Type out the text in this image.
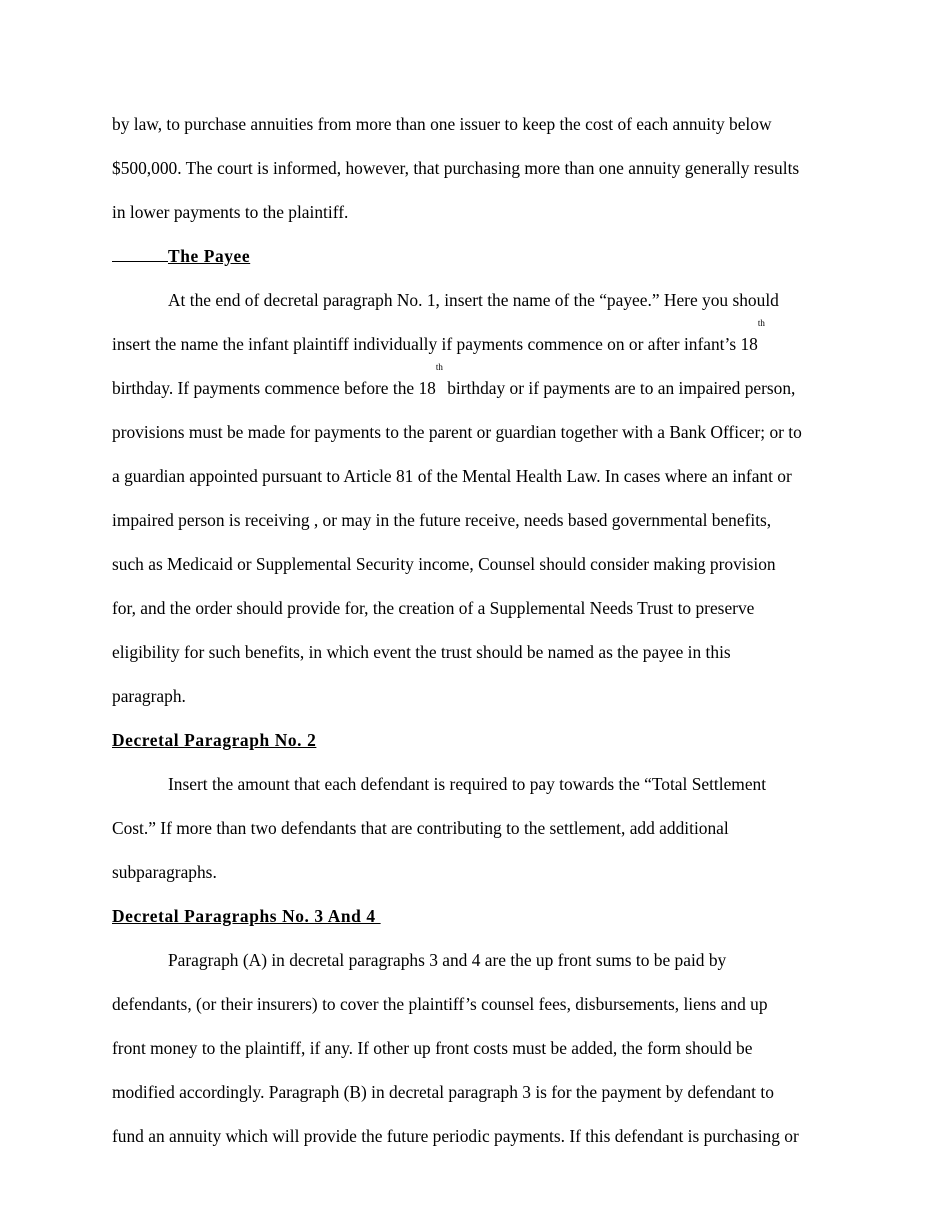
by law, to purchase annuities from more than one issuer to keep the cost of each annuity below
$500,000. The court is informed, however, that purchasing more than one annuity generally results
in lower payments to the plaintiff.
The Payee
At the end of decretal paragraph No. 1, insert the name of the “payee.” Here you should
insert the name the infant plaintiff individually if payments commence on or after infant’s 18th
birthday. If payments commence before the 18th birthday or if payments are to an impaired person,
provisions must be made for payments to the parent or guardian together with a Bank Officer; or to
a guardian appointed pursuant to Article 81 of the Mental Health Law. In cases where an infant or
impaired person is receiving , or may in the future receive, needs based governmental benefits,
such as Medicaid or Supplemental Security income, Counsel should consider making provision
for, and the order should provide for, the creation of a Supplemental Needs Trust to preserve
eligibility for such benefits, in which event the trust should be named as the payee in this
paragraph.
Decretal Paragraph No. 2
Insert the amount that each defendant is required to pay towards the “Total Settlement
Cost.” If more than two defendants that are contributing to the settlement, add additional
subparagraphs.
Decretal Paragraphs No. 3 And 4
Paragraph (A) in decretal paragraphs 3 and 4 are the up front sums to be paid by
defendants, (or their insurers) to cover the plaintiff’s counsel fees, disbursements, liens and up
front money to the plaintiff, if any. If other up front costs must be added, the form should be
modified accordingly. Paragraph (B) in decretal paragraph 3 is for the payment by defendant to
fund an annuity which will provide the future periodic payments. If this defendant is purchasing or
